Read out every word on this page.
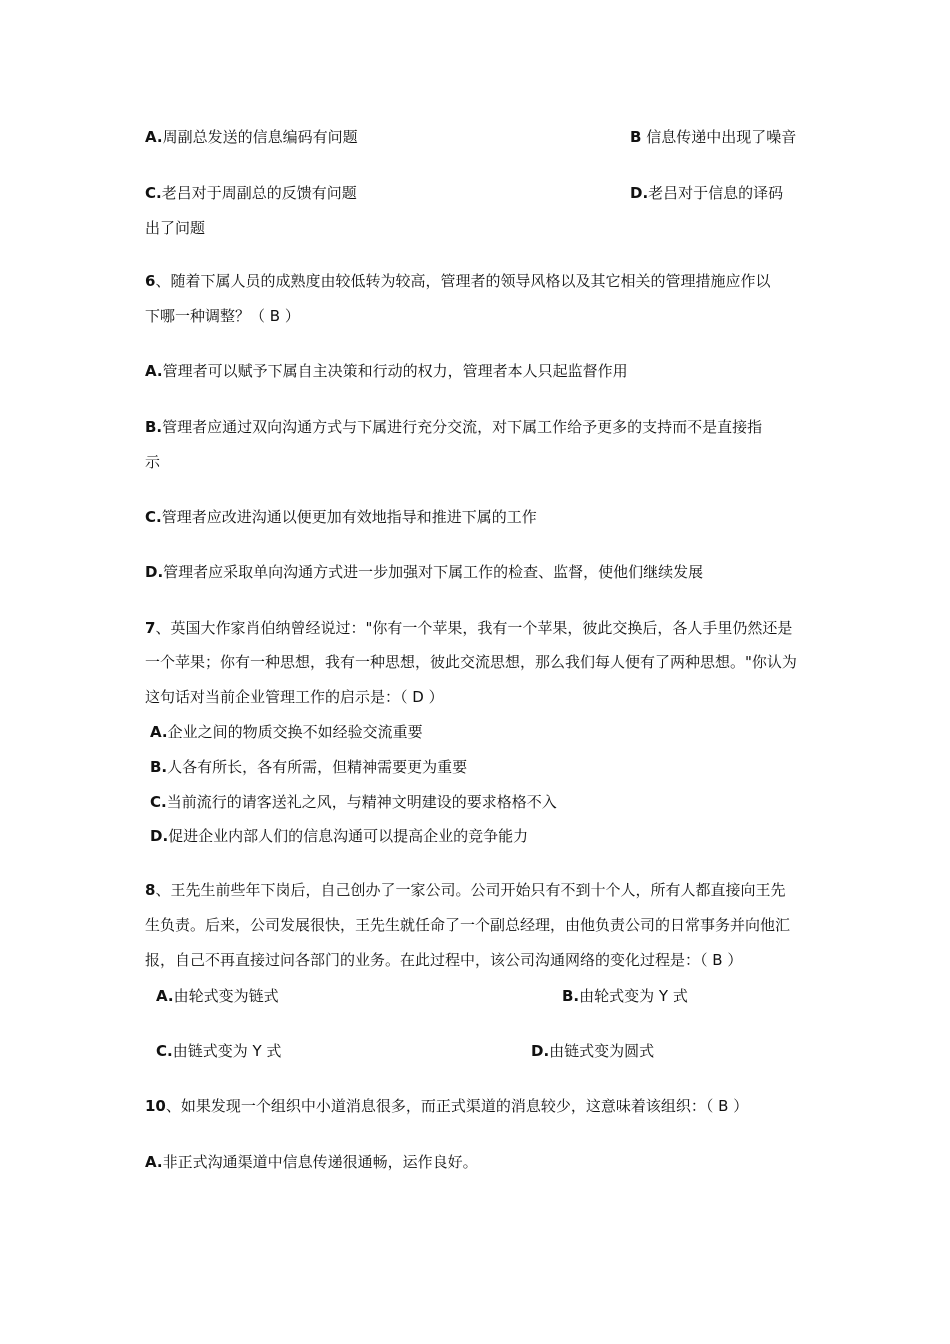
A.周副总发送的信息编码有问题	B 信息传递中出现了噪音
C.老吕对于周副总的反馈有问题	D.老吕对于信息的译码
出了问题
6、随着下属人员的成熟度由较低转为较高，管理者的领导风格以及其它相关的管理措施应作以
下哪一种调整？（ B ）
A.管理者可以赋予下属自主决策和行动的权力，管理者本人只起监督作用
B.管理者应通过双向沟通方式与下属进行充分交流，对下属工作给予更多的支持而不是直接指
示
C.管理者应改进沟通以便更加有效地指导和推进下属的工作
D.管理者应采取单向沟通方式进一步加强对下属工作的检查、监督，使他们继续发展
7、英国大作家肖伯纳曾经说过："你有一个苹果，我有一个苹果，彼此交换后，各人手里仍然还是
一个苹果；你有一种思想，我有一种思想，彼此交流思想，那么我们每人便有了两种思想。"你认为
这句话对当前企业管理工作的启示是：（ D ）
A.企业之间的物质交换不如经验交流重要
B.人各有所长，各有所需，但精神需要更为重要
C.当前流行的请客送礼之风，与精神文明建设的要求格格不入
D.促进企业内部人们的信息沟通可以提高企业的竞争能力
8、王先生前些年下岗后，自己创办了一家公司。公司开始只有不到十个人，所有人都直接向王先
生负责。后来，公司发展很快，王先生就任命了一个副总经理，由他负责公司的日常事务并向他汇
报，自己不再直接过问各部门的业务。在此过程中，该公司沟通网络的变化过程是：（ B ）
A.由轮式变为链式	B.由轮式变为 Y 式
C.由链式变为 Y 式	D.由链式变为圆式
10、如果发现一个组织中小道消息很多，而正式渠道的消息较少，这意味着该组织：（ B ）
A.非正式沟通渠道中信息传递很通畅，运作良好。
